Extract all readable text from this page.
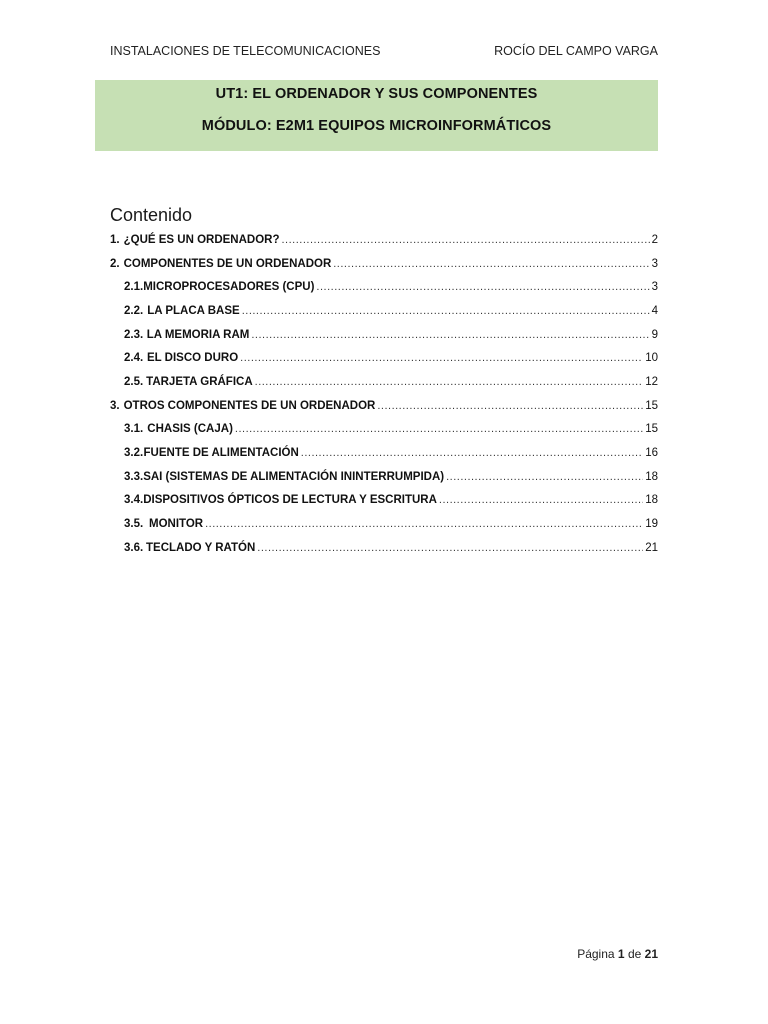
INSTALACIONES DE TELECOMUNICACIONES	ROCÍO DEL CAMPO VARGA
UT1: EL ORDENADOR Y SUS COMPONENTES
MÓDULO: E2M1 EQUIPOS MICROINFORMÁTICOS
Contenido
1. ¿QUÉ ES UN ORDENADOR? .....	2
2. COMPONENTES DE UN ORDENADOR .....	3
2.1. MICROPROCESADORES (CPU) .....	3
2.2. LA PLACA BASE .....	4
2.3. LA MEMORIA RAM .....	9
2.4. EL DISCO DURO .....	10
2.5. TARJETA GRÁFICA .....	12
3. OTROS COMPONENTES DE UN ORDENADOR .....	15
3.1. CHASIS (CAJA) .....	15
3.2. FUENTE DE ALIMENTACIÓN .....	16
3.3. SAI (SISTEMAS DE ALIMENTACIÓN ININTERRUMPIDA) .....	18
3.4. DISPOSITIVOS ÓPTICOS DE LECTURA Y ESCRITURA .....	18
3.5. MONITOR .....	19
3.6. TECLADO Y RATÓN .....	21
Página 1 de 21
